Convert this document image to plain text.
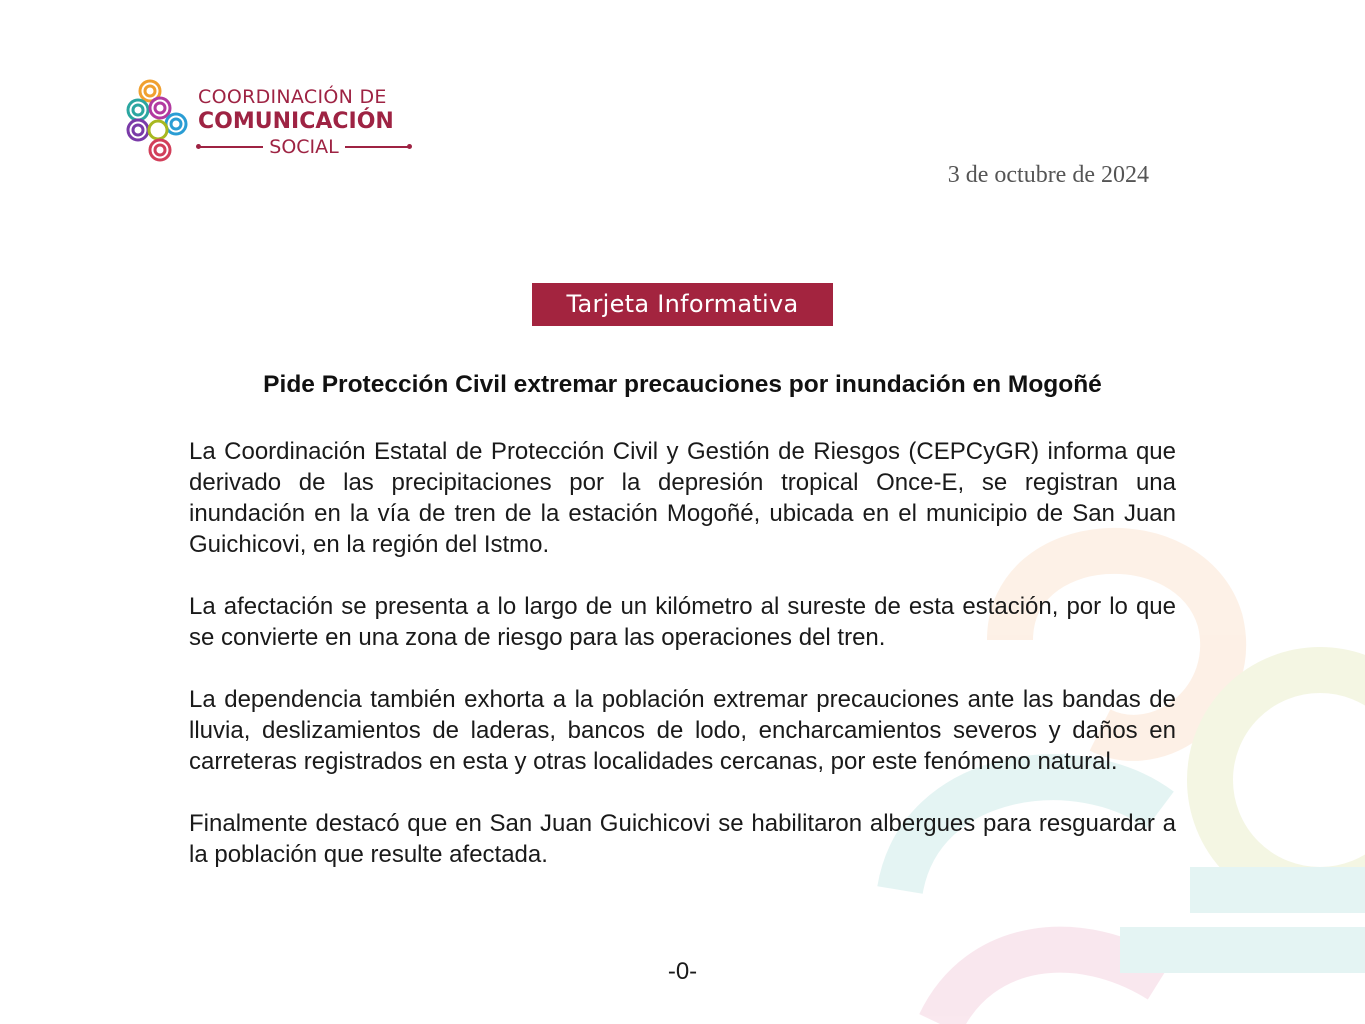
COORDINACIÓN DE
COMUNICACIÓN
SOCIAL
3 de octubre de 2024
Tarjeta Informativa
Pide Protección Civil extremar precauciones por inundación en Mogoñé

La Coordinación Estatal de Protección Civil y Gestión de Riesgos (CEPCyGR) informa que derivado de las precipitaciones por la depresión tropical Once-E, se registran una inundación en la vía de tren de la estación Mogoñé, ubicada en el municipio de San Juan Guichicovi, en la región del Istmo.

La afectación se presenta a lo largo de un kilómetro al sureste de esta estación, por lo que se convierte en una zona de riesgo para las operaciones del tren.

La dependencia también exhorta a la población extremar precauciones ante las bandas de lluvia, deslizamientos de laderas, bancos de lodo, encharcamientos severos y daños en carreteras registrados en esta y otras localidades cercanas, por este fenómeno natural.

Finalmente destacó que en San Juan Guichicovi se habilitaron albergues para resguardar a la población que resulte afectada.

-0-
